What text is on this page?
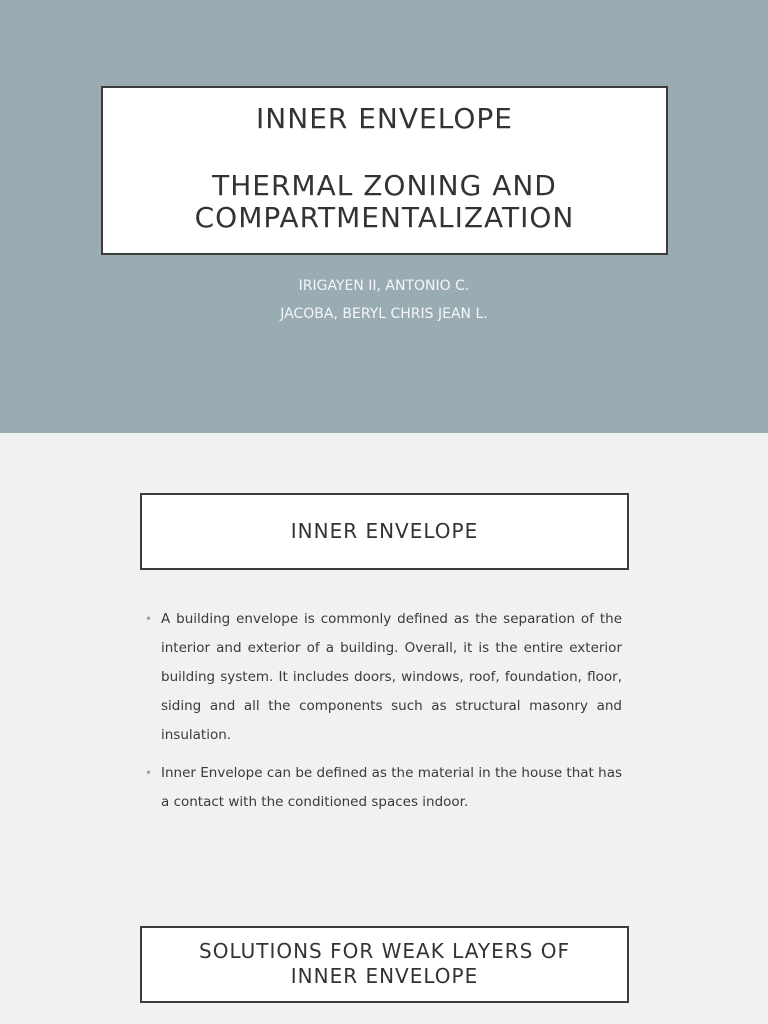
INNER ENVELOPE
THERMAL ZONING AND
COMPARTMENTALIZATION
IRIGAYEN II, ANTONIO C.
JACOBA, BERYL CHRIS JEAN L.
INNER ENVELOPE
• A building envelope is commonly defined as the separation of the interior and exterior of a building. Overall, it is the entire exterior building system. It includes doors, windows, roof, foundation, floor, siding and all the components such as structural masonry and insulation.
• Inner Envelope can be defined as the material in the house that has a contact with the conditioned spaces indoor.
SOLUTIONS FOR WEAK LAYERS OF
INNER ENVELOPE
